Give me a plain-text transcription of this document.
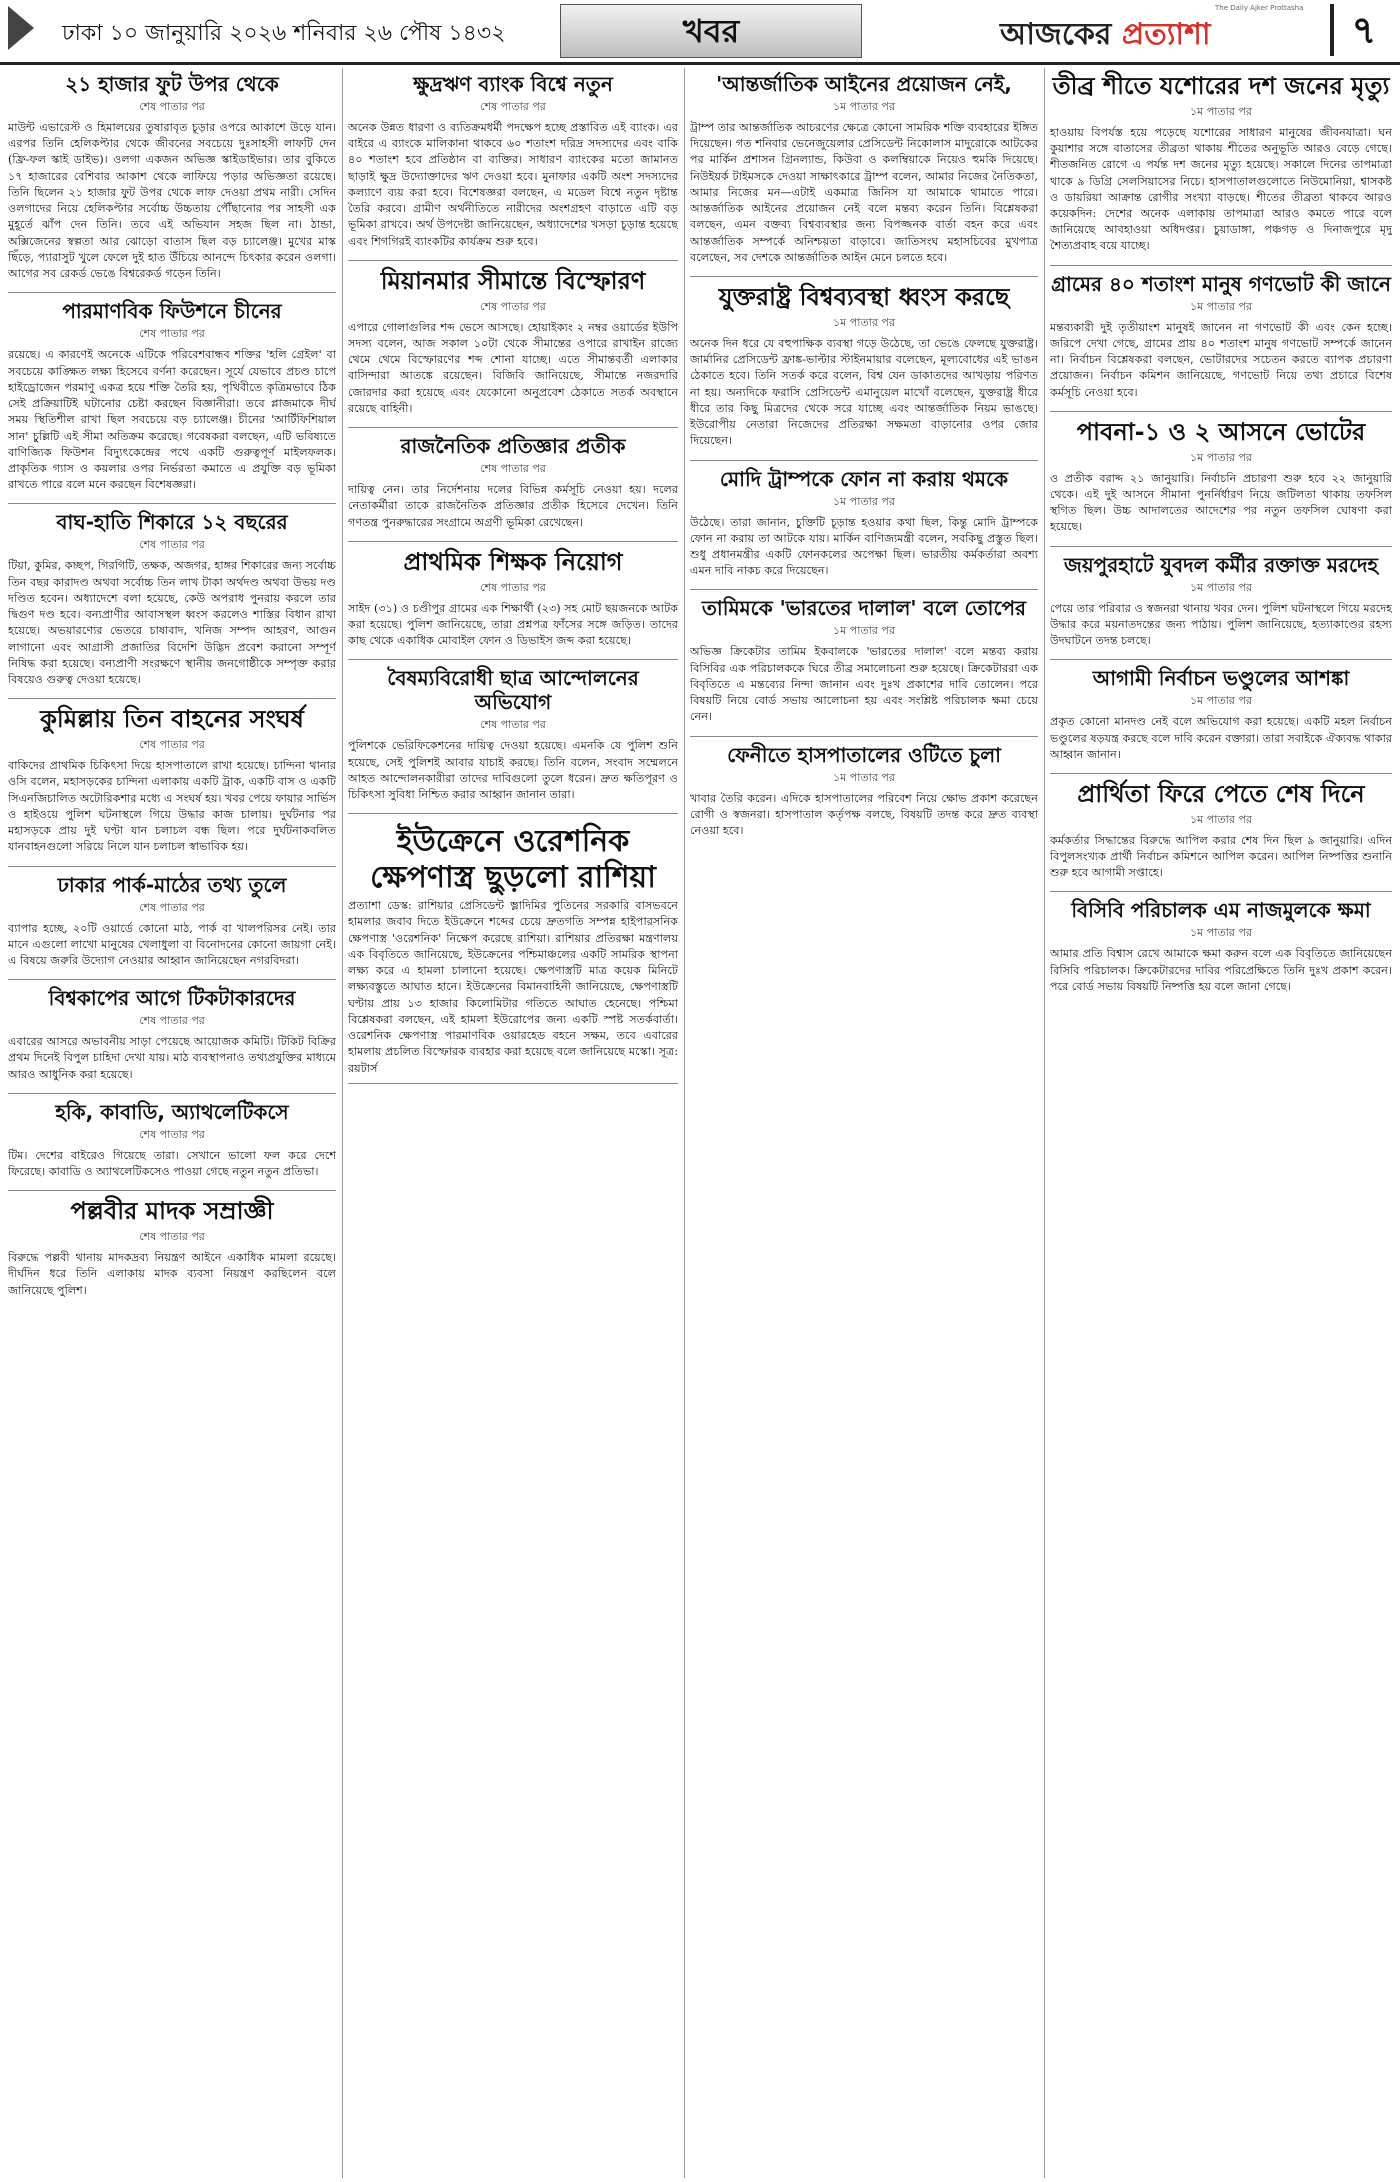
ঢাকা ১০ জানুয়ারি ২০২৬ শনিবার ২৬ পৌষ ১৪৩২	খবর	আজকের প্রত্যাশা
The Daily Ajker Prottasha	৭
২১ হাজার ফুট উপর থেকে
শেষ পাতার পর

মাউন্ট এভারেস্ট ও হিমালয়ের তুষারাবৃত চূড়ার ওপরে আকাশে উড়ে যান। এরপর তিনি হেলিকপ্টার থেকে জীবনের সবচেয়ে দুঃসাহসী লাফটি দেন (ফ্রি-ফল স্কাই ডাইভ)। ওলগা একজন অভিজ্ঞ স্কাইডাইভার। তার বুকিতে ১৭ হাজারের বেশিবার আকাশ থেকে লাফিয়ে পড়ার অভিজ্ঞতা রয়েছে। তিনি ছিলেন ২১ হাজার ফুট উপর থেকে লাফ দেওয়া প্রথম নারী। সেদিন ওলগাদের নিয়ে হেলিকপ্টার সর্বোচ্চ উচ্চতায় পৌঁছানোর পর সাহসী এক মুহূর্তে ঝাঁপ দেন তিনি। তবে এই অভিযান সহজ ছিল না। ঠান্ডা, অক্সিজেনের স্বল্পতা আর ঝোড়ো বাতাস ছিল বড় চ্যালেঞ্জ। মুখের মাস্ক ছিঁড়ে, প্যারাসুট খুলে ফেলে দুই হাত উঁচিয়ে আনন্দে চিৎকার করেন ওলগা। আগের সব রেকর্ড ভেঙে বিশ্বরেকর্ড গড়েন তিনি।

পারমাণবিক ফিউশনে চীনের
শেষ পাতার পর

রয়েছে। এ কারণেই অনেকে এটিকে পরিবেশবান্ধব শক্তির 'হলি গ্রেইল' বা সবচেয়ে কাঙ্ক্ষিত লক্ষ্য হিসেবে বর্ণনা করেছেন। সূর্যে যেভাবে প্রচণ্ড চাপে হাইড্রোজেন পরমাণু একত্র হয়ে শক্তি তৈরি হয়, পৃথিবীতে কৃত্রিমভাবে ঠিক সেই প্রক্রিয়াটিই ঘটানোর চেষ্টা করছেন বিজ্ঞানীরা। তবে প্লাজমাকে দীর্ঘ সময় স্থিতিশীল রাখা ছিল সবচেয়ে বড় চ্যালেঞ্জ। চীনের 'আর্টিফিশিয়াল সান' চুল্লিটি এই সীমা অতিক্রম করেছে। গবেষকরা বলছেন, এটি ভবিষ্যতে বাণিজ্যিক ফিউশন বিদ্যুৎকেন্দ্রের পথে একটি গুরুত্বপূর্ণ মাইলফলক। প্রাকৃতিক গ্যাস ও কয়লার ওপর নির্ভরতা কমাতে এ প্রযুক্তি বড় ভূমিকা রাখতে পারে বলে মনে করছেন বিশেষজ্ঞরা।

বাঘ-হাতি শিকারে ১২ বছরের
শেষ পাতার পর

টিয়া, কুমির, কচ্ছপ, গিরগিটি, তক্ষক, অজগর, হাঙ্গর শিকারের জন্য সর্বোচ্চ তিন বছর কারাদণ্ড অথবা সর্বোচ্চ তিন লাখ টাকা অর্থদণ্ড অথবা উভয় দণ্ড দণ্ডিত হবেন। অধ্যাদেশে বলা হয়েছে, কেউ অপরাধ পুনরায় করলে তার দ্বিগুণ দণ্ড হবে। বন্যপ্রাণীর আবাসস্থল ধ্বংস করলেও শাস্তির বিধান রাখা হয়েছে। অভয়ারণ্যের ভেতরে চাষাবাদ, খনিজ সম্পদ আহরণ, আগুন লাগানো এবং আগ্রাসী প্রজাতির বিদেশি উদ্ভিদ প্রবেশ করানো সম্পূর্ণ নিষিদ্ধ করা হয়েছে। বন্যপ্রাণী সংরক্ষণে স্থানীয় জনগোষ্ঠীকে সম্পৃক্ত করার বিষয়েও গুরুত্ব দেওয়া হয়েছে।

কুমিল্লায় তিন বাহনের সংঘর্ষ
শেষ পাতার পর

বাকিদের প্রাথমিক চিকিৎসা দিয়ে হাসপাতালে রাখা হয়েছে। চান্দিনা থানার ওসি বলেন, মহাসড়কের চান্দিনা এলাকায় একটি ট্রাক, একটি বাস ও একটি সিএনজিচালিত অটোরিকশার মধ্যে এ সংঘর্ষ হয়। খবর পেয়ে ফায়ার সার্ভিস ও হাইওয়ে পুলিশ ঘটনাস্থলে গিয়ে উদ্ধার কাজ চালায়। দুর্ঘটনার পর মহাসড়কে প্রায় দুই ঘণ্টা যান চলাচল বন্ধ ছিল। পরে দুর্ঘটনাকবলিত যানবাহনগুলো সরিয়ে নিলে যান চলাচল স্বাভাবিক হয়।

ঢাকার পার্ক-মাঠের তথ্য তুলে
শেষ পাতার পর

ব্যাপার হচ্ছে, ২০টি ওয়ার্ডে কোনো মাঠ, পার্ক বা খালপরিসর নেই। তার মানে এগুলো লাখো মানুষের খেলাধুলা বা বিনোদনের কোনো জায়গা নেই। এ বিষয়ে জরুরি উদ্যোগ নেওয়ার আহ্বান জানিয়েছেন নগরবিদরা।

বিশ্বকাপের আগে টিকটাকারদের
শেষ পাতার পর

এবারের আসরে অভাবনীয় সাড়া পেয়েছে আয়োজক কমিটি। টিকিট বিক্রির প্রথম দিনেই বিপুল চাহিদা দেখা যায়। মাঠ ব্যবস্থাপনাও তথ্যপ্রযুক্তির মাধ্যমে আরও আধুনিক করা হয়েছে।

হকি, কাবাডি, অ্যাথলেটিকসে
শেষ পাতার পর

টিম। দেশের বাইরেও গিয়েছে তারা। সেখানে ভালো ফল করে দেশে ফিরেছে। কাবাডি ও অ্যাথলেটিকসেও পাওয়া গেছে নতুন নতুন প্রতিভা।

পল্লবীর মাদক সম্রাজ্ঞী
শেষ পাতার পর

বিরুদ্ধে পল্লবী থানায় মাদকদ্রব্য নিয়ন্ত্রণ আইনে একাধিক মামলা রয়েছে। দীর্ঘদিন ধরে তিনি এলাকায় মাদক ব্যবসা নিয়ন্ত্রণ করছিলেন বলে জানিয়েছে পুলিশ।

ক্ষুদ্রঋণ ব্যাংক বিশ্বে নতুন
শেষ পাতার পর

অনেক উন্নত ধারণা ও ব্যতিক্রমধর্মী পদক্ষেপ হচ্ছে প্রস্তাবিত এই ব্যাংক। এর বাইরে এ ব্যাংকে মালিকানা থাকবে ৬০ শতাংশ দরিদ্র সদস্যদের এবং বাকি ৪০ শতাংশ হবে প্রতিষ্ঠান বা ব্যক্তির। সাধারণ ব্যাংকের মতো জামানত ছাড়াই ক্ষুদ্র উদ্যোক্তাদের ঋণ দেওয়া হবে। মুনাফার একটি অংশ সদস্যদের কল্যাণে ব্যয় করা হবে। বিশেষজ্ঞরা বলছেন, এ মডেল বিশ্বে নতুন দৃষ্টান্ত তৈরি করবে। গ্রামীণ অর্থনীতিতে নারীদের অংশগ্রহণ বাড়াতে এটি বড় ভূমিকা রাখবে। অর্থ উপদেষ্টা জানিয়েছেন, অধ্যাদেশের খসড়া চূড়ান্ত হয়েছে এবং শিগগিরই ব্যাংকটির কার্যক্রম শুরু হবে।

মিয়ানমার সীমান্তে বিস্ফোরণ
শেষ পাতার পর

এপারে গোলাগুলির শব্দ ভেসে আসছে। হোয়াইক্যং ২ নম্বর ওয়ার্ডের ইউপি সদস্য বলেন, আজ সকাল ১০টা থেকে সীমান্তের ওপারে রাখাইন রাজ্যে থেমে থেমে বিস্ফোরণের শব্দ শোনা যাচ্ছে। এতে সীমান্তবর্তী এলাকার বাসিন্দারা আতঙ্কে রয়েছেন। বিজিবি জানিয়েছে, সীমান্তে নজরদারি জোরদার করা হয়েছে এবং যেকোনো অনুপ্রবেশ ঠেকাতে সতর্ক অবস্থানে রয়েছে বাহিনী।

রাজনৈতিক প্রতিজ্ঞার প্রতীক
শেষ পাতার পর

দায়িত্ব নেন। তার নির্দেশনায় দলের বিভিন্ন কর্মসূচি নেওয়া হয়। দলের নেতাকর্মীরা তাকে রাজনৈতিক প্রতিজ্ঞার প্রতীক হিসেবে দেখেন। তিনি গণতন্ত্র পুনরুদ্ধারের সংগ্রামে অগ্রণী ভূমিকা রেখেছেন।

প্রাথমিক শিক্ষক নিয়োগ
শেষ পাতার পর

সাইদ (৩১) ও চণ্ডীপুর গ্রামের এক শিক্ষার্থী (২৩) সহ মোট ছয়জনকে আটক করা হয়েছে। পুলিশ জানিয়েছে, তারা প্রশ্নপত্র ফাঁসের সঙ্গে জড়িত। তাদের কাছ থেকে একাধিক মোবাইল ফোন ও ডিভাইস জব্দ করা হয়েছে।

বৈষম্যবিরোধী ছাত্র আন্দোলনের অভিযোগ
শেষ পাতার পর

পুলিশকে ভেরিফিকেশনের দায়িত্ব দেওয়া হয়েছে। এমনকি যে পুলিশ শুনি হয়েছে, সেই পুলিশই আবার যাচাই করছে। তিনি বলেন, সংবাদ সম্মেলনে আহত আন্দোলনকারীরা তাদের দাবিগুলো তুলে ধরেন। দ্রুত ক্ষতিপূরণ ও চিকিৎসা সুবিধা নিশ্চিত করার আহ্বান জানান তারা।

ইউক্রেনে ওরেশনিক ক্ষেপণাস্ত্র ছুড়লো রাশিয়া

প্রত্যাশা ডেস্ক: রাশিয়ার প্রেসিডেন্ট ভ্লাদিমির পুতিনের সরকারি বাসভবনে হামলার জবাব দিতে ইউক্রেনে শব্দের চেয়ে দ্রুতগতি সম্পন্ন হাইপারসনিক ক্ষেপণাস্ত্র 'ওরেশনিক' নিক্ষেপ করেছে রাশিয়া। রাশিয়ার প্রতিরক্ষা মন্ত্রণালয় এক বিবৃতিতে জানিয়েছে, ইউক্রেনের পশ্চিমাঞ্চলের একটি সামরিক স্থাপনা লক্ষ্য করে এ হামলা চালানো হয়েছে। ক্ষেপণাস্ত্রটি মাত্র কয়েক মিনিটে লক্ষ্যবস্তুতে আঘাত হানে। ইউক্রেনের বিমানবাহিনী জানিয়েছে, ক্ষেপণাস্ত্রটি ঘণ্টায় প্রায় ১৩ হাজার কিলোমিটার গতিতে আঘাত হেনেছে। পশ্চিমা বিশ্লেষকরা বলছেন, এই হামলা ইউরোপের জন্য একটি স্পষ্ট সতর্কবার্তা। ওরেশনিক ক্ষেপণাস্ত্র পারমাণবিক ওয়ারহেড বহনে সক্ষম, তবে এবারের হামলায় প্রচলিত বিস্ফোরক ব্যবহার করা হয়েছে বলে জানিয়েছে মস্কো। সূত্র: রয়টার্স

'আন্তর্জাতিক আইনের প্রয়োজন নেই,
১ম পাতার পর

ট্রাম্প তার আন্তর্জাতিক আচরণের ক্ষেত্রে কোনো সামরিক শক্তি ব্যবহারের ইঙ্গিত দিয়েছেন। গত শনিবার ভেনেজুয়েলার প্রেসিডেন্ট নিকোলাস মাদুরোকে আটকের পর মার্কিন প্রশাসন গ্রিনল্যান্ড, কিউবা ও কলম্বিয়াকে নিয়েও হুমকি দিয়েছে। নিউইয়র্ক টাইমসকে দেওয়া সাক্ষাৎকারে ট্রাম্প বলেন, আমার নিজের নৈতিকতা, আমার নিজের মন—এটাই একমাত্র জিনিস যা আমাকে থামাতে পারে। আন্তর্জাতিক আইনের প্রয়োজন নেই বলে মন্তব্য করেন তিনি। বিশ্লেষকরা বলছেন, এমন বক্তব্য বিশ্বব্যবস্থার জন্য বিপজ্জনক বার্তা বহন করে এবং আন্তর্জাতিক সম্পর্কে অনিশ্চয়তা বাড়াবে। জাতিসংঘ মহাসচিবের মুখপাত্র বলেছেন, সব দেশকে আন্তর্জাতিক আইন মেনে চলতে হবে।

যুক্তরাষ্ট্র বিশ্বব্যবস্থা ধ্বংস করছে
১ম পাতার পর

অনেক দিন ধরে যে বহুপাক্ষিক ব্যবস্থা গড়ে উঠেছে, তা ভেঙে ফেলছে যুক্তরাষ্ট্র। জার্মানির প্রেসিডেন্ট ফ্রাঙ্ক-ভাল্টার স্টাইনমায়ার বলেছেন, মূল্যবোধের এই ভাঙন ঠেকাতে হবে। তিনি সতর্ক করে বলেন, বিশ্ব যেন ডাকাতদের আখড়ায় পরিণত না হয়। অন্যদিকে ফরাসি প্রেসিডেন্ট এমানুয়েল মাখোঁ বলেছেন, যুক্তরাষ্ট্র ধীরে ধীরে তার কিছু মিত্রদের থেকে সরে যাচ্ছে এবং আন্তর্জাতিক নিয়ম ভাঙছে। ইউরোপীয় নেতারা নিজেদের প্রতিরক্ষা সক্ষমতা বাড়ানোর ওপর জোর দিয়েছেন।

মোদি ট্রাম্পকে ফোন না করায় থমকে
১ম পাতার পর

উঠেছে। তারা জানান, চুক্তিটি চূড়ান্ত হওয়ার কথা ছিল, কিন্তু মোদি ট্রাম্পকে ফোন না করায় তা আটকে যায়। মার্কিন বাণিজ্যমন্ত্রী বলেন, সবকিছু প্রস্তুত ছিল। শুধু প্রধানমন্ত্রীর একটি ফোনকলের অপেক্ষা ছিল। ভারতীয় কর্মকর্তারা অবশ্য এমন দাবি নাকচ করে দিয়েছেন।

তামিমকে 'ভারতের দালাল' বলে তোপের
১ম পাতার পর

অভিজ্ঞ ক্রিকেটার তামিম ইকবালকে 'ভারতের দালাল' বলে মন্তব্য করায় বিসিবির এক পরিচালককে ঘিরে তীব্র সমালোচনা শুরু হয়েছে। ক্রিকেটাররা এক বিবৃতিতে এ মন্তব্যের নিন্দা জানান এবং দুঃখ প্রকাশের দাবি তোলেন। পরে বিষয়টি নিয়ে বোর্ড সভায় আলোচনা হয় এবং সংশ্লিষ্ট পরিচালক ক্ষমা চেয়ে নেন।

ফেনীতে হাসপাতালের ওটিতে চুলা
১ম পাতার পর

খাবার তৈরি করেন। এদিকে হাসপাতালের পরিবেশ নিয়ে ক্ষোভ প্রকাশ করেছেন রোগী ও স্বজনরা। হাসপাতাল কর্তৃপক্ষ বলছে, বিষয়টি তদন্ত করে দ্রুত ব্যবস্থা নেওয়া হবে।

তীব্র শীতে যশোরের দশ জনের মৃত্যু
১ম পাতার পর

হাওয়ায় বিপর্যস্ত হয়ে পড়েছে যশোরের সাধারণ মানুষের জীবনযাত্রা। ঘন কুয়াশার সঙ্গে বাতাসের তীব্রতা থাকায় শীতের অনুভূতি আরও বেড়ে গেছে। শীতজনিত রোগে এ পর্যন্ত দশ জনের মৃত্যু হয়েছে। সকালে দিনের তাপমাত্রা থাকে ৯ ডিগ্রি সেলসিয়াসের নিচে। হাসপাতালগুলোতে নিউমোনিয়া, শ্বাসকষ্ট ও ডায়রিয়া আক্রান্ত রোগীর সংখ্যা বাড়ছে। শীতের তীব্রতা থাকবে আরও কয়েকদিন: দেশের অনেক এলাকায় তাপমাত্রা আরও কমতে পারে বলে জানিয়েছে আবহাওয়া অধিদপ্তর। চুয়াডাঙ্গা, পঞ্চগড় ও দিনাজপুরে মৃদু শৈত্যপ্রবাহ বয়ে যাচ্ছে।

গ্রামের ৪০ শতাংশ মানুষ গণভোট কী জানে
১ম পাতার পর

মন্তব্যকারী দুই তৃতীয়াংশ মানুষই জানেন না গণভোট কী এবং কেন হচ্ছে। জরিপে দেখা গেছে, গ্রামের প্রায় ৪০ শতাংশ মানুষ গণভোট সম্পর্কে জানেন না। নির্বাচন বিশ্লেষকরা বলছেন, ভোটারদের সচেতন করতে ব্যাপক প্রচারণা প্রয়োজন। নির্বাচন কমিশন জানিয়েছে, গণভোট নিয়ে তথ্য প্রচারে বিশেষ কর্মসূচি নেওয়া হবে।

পাবনা-১ ও ২ আসনে ভোটের
১ম পাতার পর

ও প্রতীক বরাদ্দ ২১ জানুয়ারি। নির্বাচনি প্রচারণা শুরু হবে ২২ জানুয়ারি থেকে। এই দুই আসনে সীমানা পুনর্নির্ধারণ নিয়ে জটিলতা থাকায় তফসিল স্থগিত ছিল। উচ্চ আদালতের আদেশের পর নতুন তফসিল ঘোষণা করা হয়েছে।

জয়পুরহাটে যুবদল কর্মীর রক্তাক্ত মরদেহ
১ম পাতার পর

পেয়ে তার পরিবার ও স্বজনরা থানায় খবর দেন। পুলিশ ঘটনাস্থলে গিয়ে মরদেহ উদ্ধার করে ময়নাতদন্তের জন্য পাঠায়। পুলিশ জানিয়েছে, হত্যাকাণ্ডের রহস্য উদঘাটনে তদন্ত চলছে।

আগামী নির্বাচন ভণ্ডুলের আশঙ্কা
১ম পাতার পর

প্রকৃত কোনো মানদণ্ড নেই বলে অভিযোগ করা হয়েছে। একটি মহল নির্বাচন ভণ্ডুলের ষড়যন্ত্র করছে বলে দাবি করেন বক্তারা। তারা সবাইকে ঐক্যবদ্ধ থাকার আহ্বান জানান।

প্রার্থিতা ফিরে পেতে শেষ দিনে
১ম পাতার পর

কর্মকর্তার সিদ্ধান্তের বিরুদ্ধে আপিল করার শেষ দিন ছিল ৯ জানুয়ারি। এদিন বিপুলসংখ্যক প্রার্থী নির্বাচন কমিশনে আপিল করেন। আপিল নিষ্পত্তির শুনানি শুরু হবে আগামী সপ্তাহে।

বিসিবি পরিচালক এম নাজমুলকে ক্ষমা
১ম পাতার পর

আমার প্রতি বিশ্বাস রেখে আমাকে ক্ষমা করুন বলে এক বিবৃতিতে জানিয়েছেন বিসিবি পরিচালক। ক্রিকেটারদের দাবির পরিপ্রেক্ষিতে তিনি দুঃখ প্রকাশ করেন। পরে বোর্ড সভায় বিষয়টি নিষ্পত্তি হয় বলে জানা গেছে।
